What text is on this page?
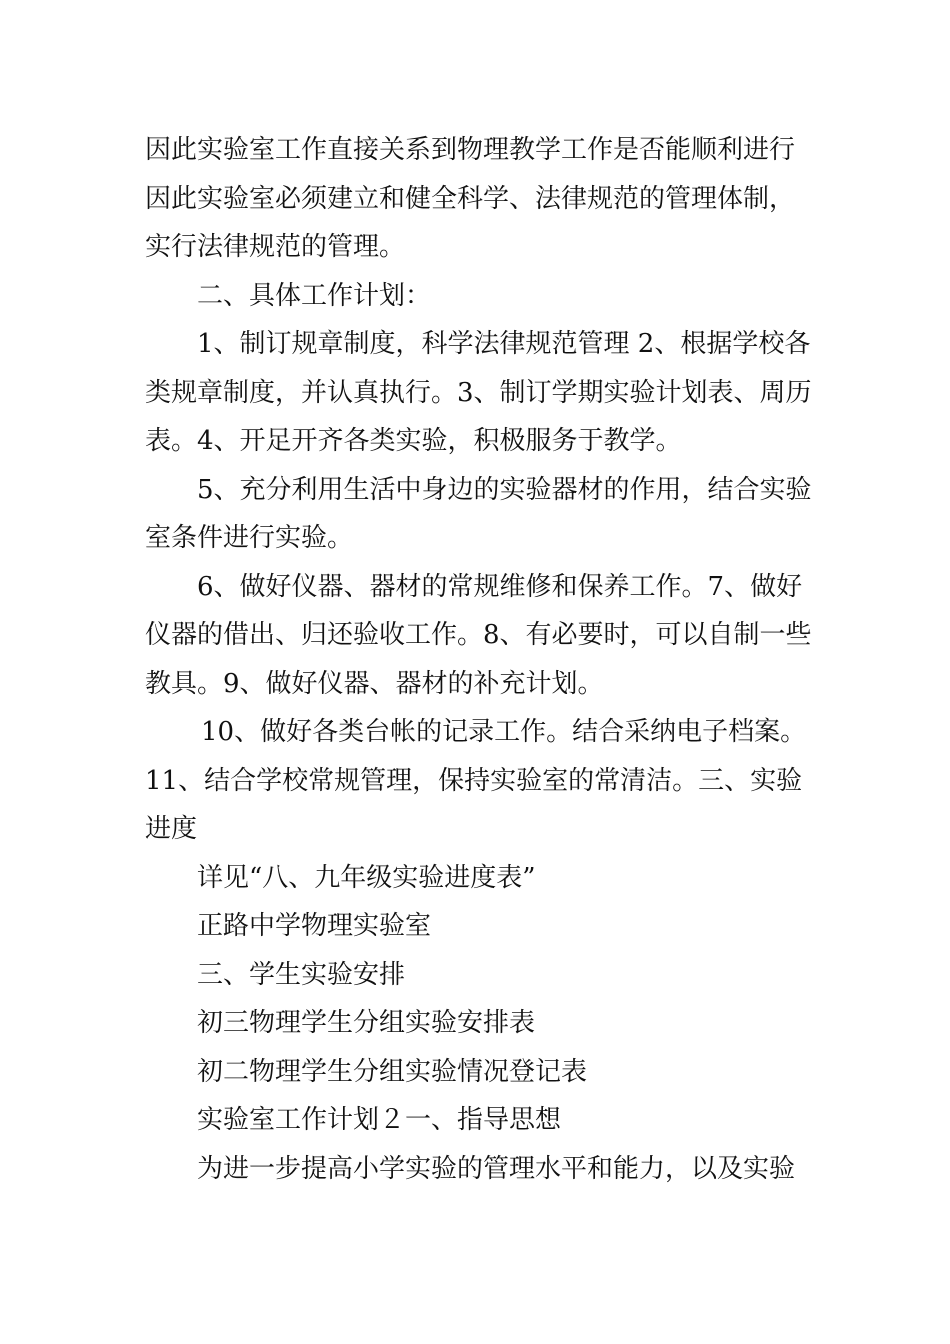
因此实验室工作直接关系到物理教学工作是否能顺利进行
因此实验室必须建立和健全科学、法律规范的管理体制，
实行法律规范的管理。
二、具体工作计划：
1、制订规章制度，科学法律规范管理 2、根据学校各
类规章制度，并认真执行。3、制订学期实验计划表、周历
表。4、开足开齐各类实验，积极服务于教学。
5、充分利用生活中身边的实验器材的作用，结合实验
室条件进行实验。
6、做好仪器、器材的常规维修和保养工作。7、做好
仪器的借出、归还验收工作。8、有必要时，可以自制一些
教具。9、做好仪器、器材的补充计划。
10、做好各类台帐的记录工作。结合采纳电子档案。
11、结合学校常规管理，保持实验室的常清洁。三、实验
进度
详见“八、九年级实验进度表”
正路中学物理实验室
三、学生实验安排
初三物理学生分组实验安排表
初二物理学生分组实验情况登记表
实验室工作计划２一、指导思想
为进一步提高小学实验的管理水平和能力，以及实验
